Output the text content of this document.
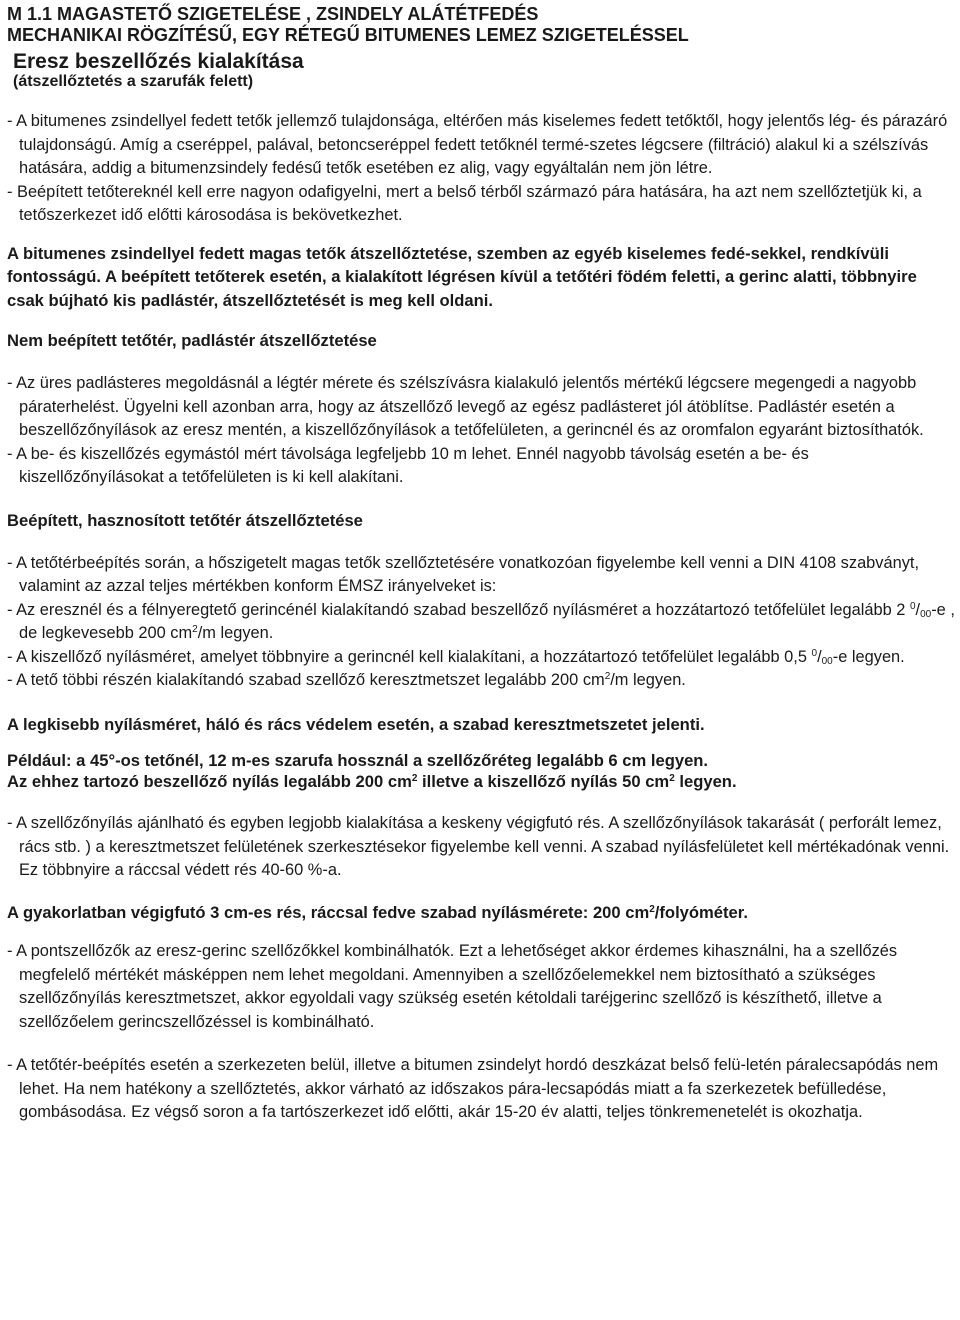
M 1.1 MAGASTETŐ SZIGETELÉSE , ZSINDELY ALÁTÉTFEDÉS
MECHANIKAI RÖGZÍTÉSŰ, EGY RÉTEGŰ BITUMENES LEMEZ SZIGETELÉSSEL
Eresz beszellőzés kialakítása
(átszellőztetés a szarufák felett)

- A bitumenes zsindellyel fedett tetők jellemző tulajdonsága, eltérően más kiselemes fedett tetőktől, hogy jelentős lég- és párazáró tulajdonságú. Amíg a cseréppel, palával, betoncseréppel fedett tetőknél termé-szetes légcsere (filtráció) alakul ki a szélszívás hatására, addig a bitumenzsindely fedésű tetők esetében ez alig, vagy egyáltalán nem jön létre.

- Beépített tetőtereknél kell erre nagyon odafigyelni, mert a belső térből származó pára hatására, ha azt nem szellőztetjük ki, a tetőszerkezet idő előtti károsodása is bekövetkezhet.

A bitumenes zsindellyel fedett magas tetők átszellőztetése, szemben az egyéb kiselemes fedé-sekkel, rendkívüli fontosságú. A beépített tetőterek esetén, a kialakított légrésen kívül a tetőtéri födém feletti, a gerinc alatti, többnyire csak bújható kis padlástér, átszellőztetését is meg kell oldani.

Nem beépített tetőtér, padlástér átszellőztetése

- Az üres padlásteres megoldásnál a légtér mérete és szélszívásra kialakuló jelentős mértékű légcsere megengedi a nagyobb páraterhelést. Ügyelni kell azonban arra, hogy az átszellőző levegő az egész padlásteret jól átöblítse. Padlástér esetén a beszellőzőnyílások az eresz mentén, a kiszellőzőnyílások a tetőfelületen, a gerincnél és az oromfalon egyaránt biztosíthatók.

- A be- és kiszellőzés egymástól mért távolsága legfeljebb 10 m lehet. Ennél nagyobb távolság esetén a be- és kiszellőzőnyílásokat a tetőfelületen is ki kell alakítani.

Beépített, hasznosított tetőtér átszellőztetése

- A tetőtérbeépítés során, a hőszigetelt magas tetők szellőztetésére vonatkozóan figyelembe kell venni a DIN 4108 szabványt, valamint az azzal teljes mértékben konform ÉMSZ irányelveket is:

- Az eresznél és a félnyeregtető gerincénél kialakítandó szabad beszellőző nyílásméret a hozzátartozó tetőfelület legalább 2 $^0/_{00}-e$ , de legkevesebb 200 $cm^2/m$ legyen.

- A kiszellőző nyílásméret, amelyet többnyire a gerincnél kell kialakítani, a hozzátartozó tetőfelület legalább 0,5 $^0/_{00}-e$ legyen.

- A tető többi részén kialakítandó szabad szellőző keresztmetszet legalább 200 $cm^2/m$ legyen.

A legkisebb nyílásméret, háló és rács védelem esetén, a szabad keresztmetszetet jelenti.

Például: a 45°-os tetőnél, 12 m-es szarufa hossznál a szellőzőréteg legalább 6 cm legyen.

Az ehhez tartozó beszellőző nyílás legalább 200 $cm^2$ illetve a kiszellőző nyílás 50 $cm^2$ legyen.

- A szellőzőnyílás ajánlható és egyben legjobb kialakítása a keskeny végigfutó rés. A szellőzőnyílások takarását ( perforált lemez, rács stb. ) a keresztmetszet felületének szerkesztésekor figyelembe kell venni. A szabad nyílásfelületet kell mértékadónak venni. Ez többnyire a ráccsal védett rés 40-60 %-a.

A gyakorlatban végigfutó 3 cm-es rés, ráccsal fedve szabad nyílásmérete: 200 $cm^2$/folyóméter.

- A pontszellőzők az eresz-gerinc szellőzőkkel kombinálhatók. Ezt a lehetőséget akkor érdemes kihasználni, ha a szellőzés megfelelő mértékét másképpen nem lehet megoldani. Amennyiben a szellőzőelemekkel nem biztosítható a szükséges szellőzőnyílás keresztmetszet, akkor egyoldali vagy szükség esetén kétoldali taréjgerinc szellőző is készíthető, illetve a szellőzőelem gerincszellőzéssel is kombinálható.

- A tetőtér-beépítés esetén a szerkezeten belül, illetve a bitumen zsindelyt hordó deszkázat belső felü-letén páralecsapódás nem lehet. Ha nem hatékony a szellőztetés, akkor várható az időszakos pára-lecsapódás miatt a fa szerkezetek befülledése, gombásodása. Ez végső soron a fa tartószerkezet idő előtti, akár 15-20 év alatti, teljes tönkremenetelét is okozhatja.
